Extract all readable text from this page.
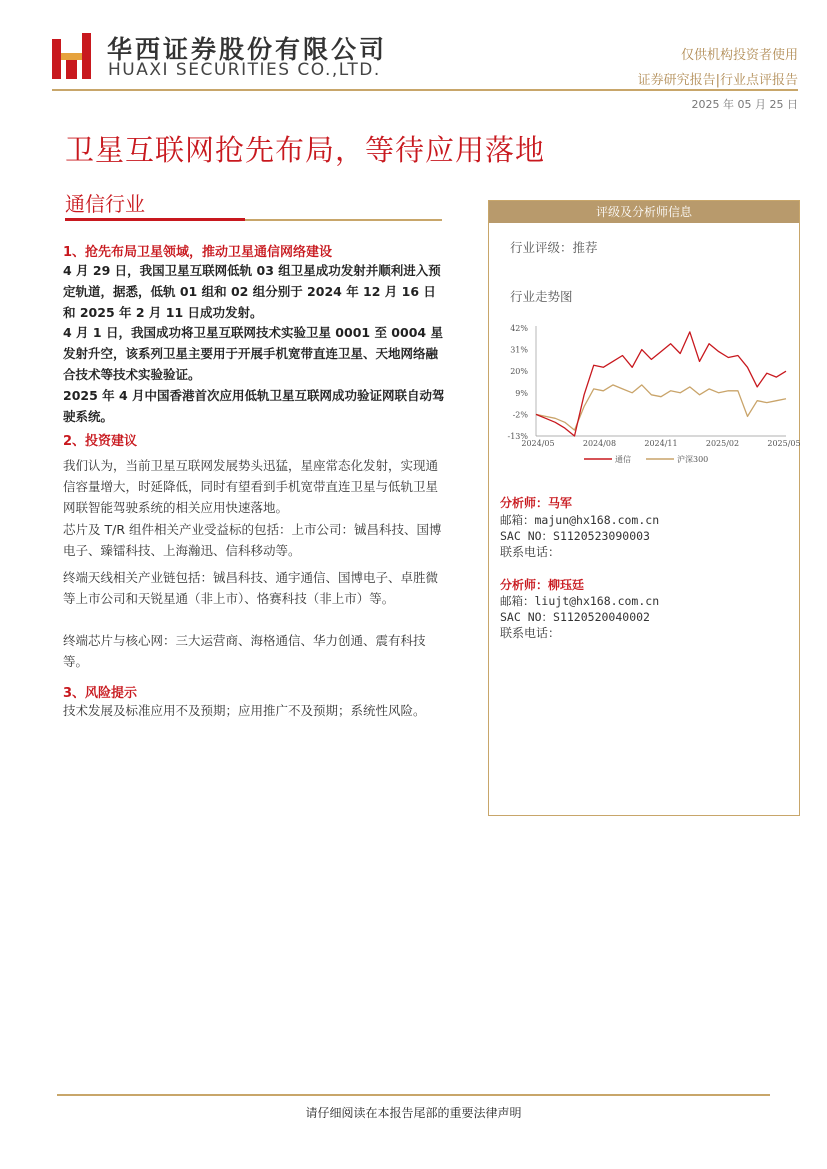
华西证券股份有限公司
HUAXI SECURITIES CO.,LTD.
仅供机构投资者使用
证券研究报告|行业点评报告
2025 年 05 月 25 日
卫星互联网抢先布局，等待应用落地
通信行业
1、抢先布局卫星领域，推动卫星通信网络建设
4 月 29 日，我国卫星互联网低轨 03 组卫星成功发射并顺利进入预定轨道，据悉，低轨 01 组和 02 组分别于 2024 年 12 月 16 日和 2025 年 2 月 11 日成功发射。
4 月 1 日，我国成功将卫星互联网技术实验卫星 0001 至 0004 星发射升空，该系列卫星主要用于开展手机宽带直连卫星、天地网络融合技术等技术实验验证。
2025 年 4 月中国香港首次应用低轨卫星互联网成功验证网联自动驾驶系统。
2、投资建议
我们认为，当前卫星互联网发展势头迅猛，星座常态化发射，实现通信容量增大，时延降低，同时有望看到手机宽带直连卫星与低轨卫星网联智能驾驶系统的相关应用快速落地。
芯片及 T/R 组件相关产业受益标的包括：上市公司：铖昌科技、国博电子、臻镭科技、上海瀚迅、信科移动等。
终端天线相关产业链包括：铖昌科技、通宇通信、国博电子、卓胜微等上市公司和天锐星通（非上市）、恪赛科技（非上市）等。
终端芯片与核心网：三大运营商、海格通信、华力创通、震有科技等。
3、风险提示
技术发展及标准应用不及预期；应用推广不及预期；系统性风险。
评级及分析师信息
行业评级：推荐
行业走势图
42%
31%
20%
9%
-2%
-13%
2024/05	2024/08	2024/11	2025/02	2025/05
通信	沪深300
分析师：马军
邮箱：majun@hx168.com.cn
SAC NO：S1120523090003
联系电话：
分析师：柳珏廷
邮箱：liujt@hx168.com.cn
SAC NO：S1120520040002
联系电话：
请仔细阅读在本报告尾部的重要法律声明
